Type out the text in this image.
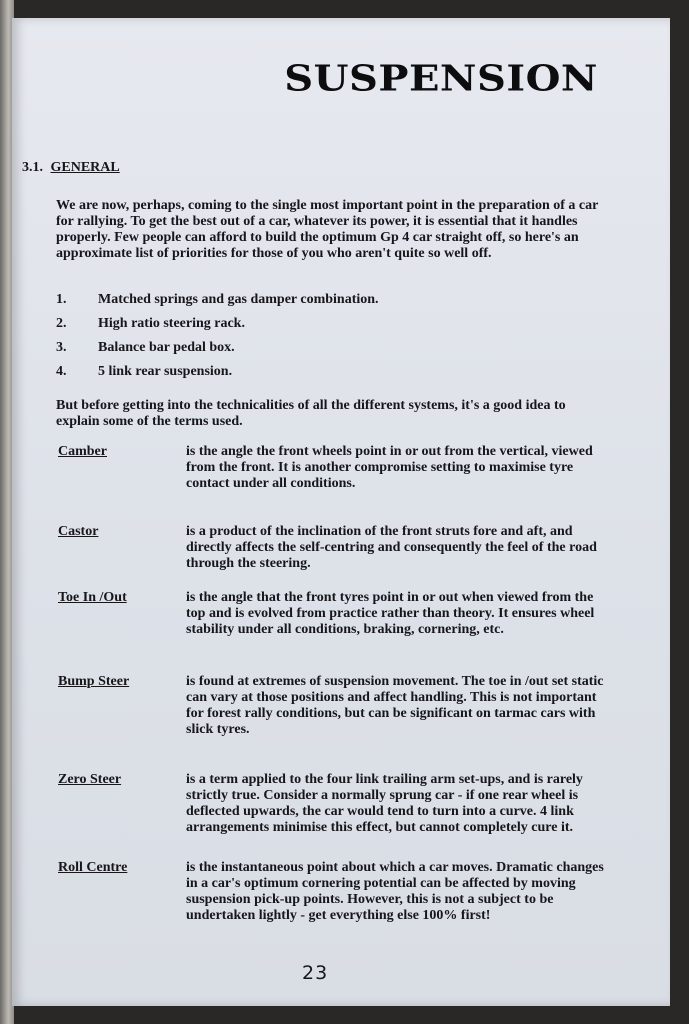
SUSPENSION
3.1. GENERAL
We are now, perhaps, coming to the single most important point in the preparation of a car for rallying. To get the best out of a car, whatever its power, it is essential that it handles properly. Few people can afford to build the optimum Gp 4 car straight off, so here's an approximate list of priorities for those of you who aren't quite so well off.
1.	Matched springs and gas damper combination.
2.	High ratio steering rack.
3.	Balance bar pedal box.
4.	5 link rear suspension.
But before getting into the technicalities of all the different systems, it's a good idea to explain some of the terms used.
Camber	is the angle the front wheels point in or out from the vertical, viewed from the front. It is another compromise setting to maximise tyre contact under all conditions.
Castor	is a product of the inclination of the front struts fore and aft, and directly affects the self-centring and consequently the feel of the road through the steering.
Toe In /Out	is the angle that the front tyres point in or out when viewed from the top and is evolved from practice rather than theory. It ensures wheel stability under all conditions, braking, cornering, etc.
Bump Steer	is found at extremes of suspension movement. The toe in /out set static can vary at those positions and affect handling. This is not important for forest rally conditions, but can be significant on tarmac cars with slick tyres.
Zero Steer	is a term applied to the four link trailing arm set-ups, and is rarely strictly true. Consider a normally sprung car - if one rear wheel is deflected upwards, the car would tend to turn into a curve. 4 link arrangements minimise this effect, but cannot completely cure it.
Roll Centre	is the instantaneous point about which a car moves. Dramatic changes in a car's optimum cornering potential can be affected by moving suspension pick-up points. However, this is not a subject to be undertaken lightly - get everything else 100% first!
23
